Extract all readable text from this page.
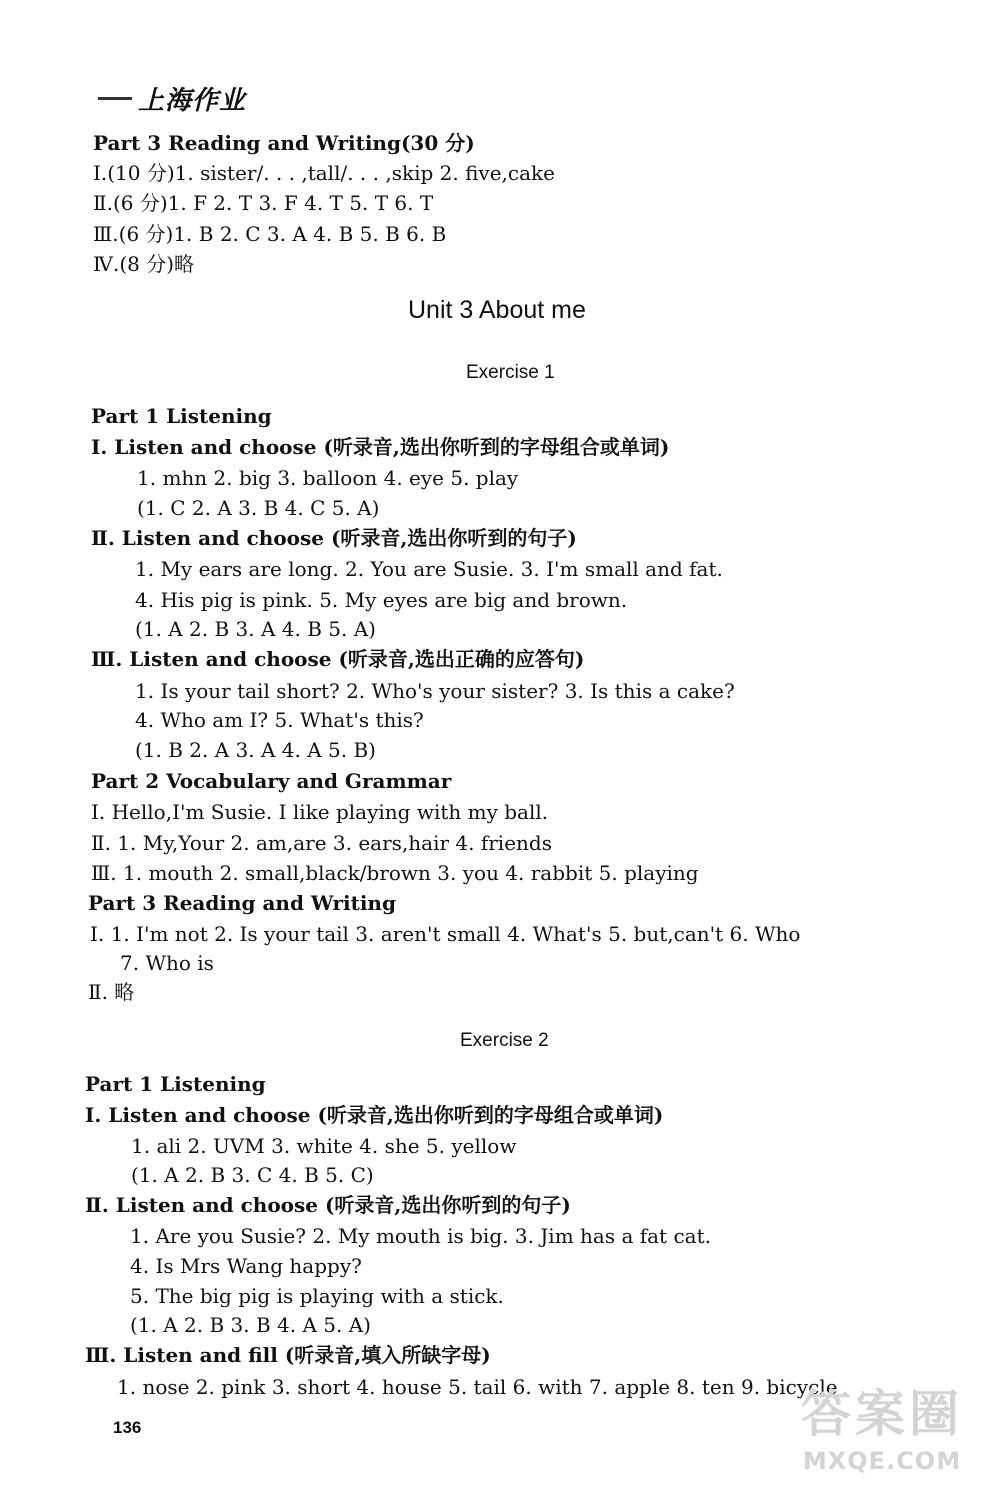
上海作业
Part 3 Reading and Writing(30 分)
Ⅰ.(10 分)1. sister/. . . ,tall/. . . ,skip 2. five,cake
Ⅱ.(6 分)1. F 2. T 3. F 4. T 5. T 6. T
Ⅲ.(6 分)1. B 2. C 3. A 4. B 5. B 6. B
Ⅳ.(8 分)略
Unit 3 About me
Exercise 1
Part 1 Listening
Ⅰ. Listen and choose (听录音,选出你听到的字母组合或单词)
1. mhn 2. big 3. balloon 4. eye 5. play
(1. C 2. A 3. B 4. C 5. A)
Ⅱ. Listen and choose (听录音,选出你听到的句子)
1. My ears are long. 2. You are Susie. 3. I'm small and fat.
4. His pig is pink. 5. My eyes are big and brown.
(1. A 2. B 3. A 4. B 5. A)
Ⅲ. Listen and choose (听录音,选出正确的应答句)
1. Is your tail short? 2. Who's your sister? 3. Is this a cake?
4. Who am I? 5. What's this?
(1. B 2. A 3. A 4. A 5. B)
Part 2 Vocabulary and Grammar
Ⅰ. Hello,I'm Susie. I like playing with my ball.
Ⅱ. 1. My,Your 2. am,are 3. ears,hair 4. friends
Ⅲ. 1. mouth 2. small,black/brown 3. you 4. rabbit 5. playing
Part 3 Reading and Writing
Ⅰ. 1. I'm not 2. Is your tail 3. aren't small 4. What's 5. but,can't 6. Who
7. Who is
Ⅱ. 略
Exercise 2
Part 1 Listening
Ⅰ. Listen and choose (听录音,选出你听到的字母组合或单词)
1. ali 2. UVM 3. white 4. she 5. yellow
(1. A 2. B 3. C 4. B 5. C)
Ⅱ. Listen and choose (听录音,选出你听到的句子)
1. Are you Susie? 2. My mouth is big. 3. Jim has a fat cat.
4. Is Mrs Wang happy?
5. The big pig is playing with a stick.
(1. A 2. B 3. B 4. A 5. A)
Ⅲ. Listen and fill (听录音,填入所缺字母)
1. nose 2. pink 3. short 4. house 5. tail 6. with 7. apple 8. ten 9. bicycle
136	答案圈
MXQE.COM
